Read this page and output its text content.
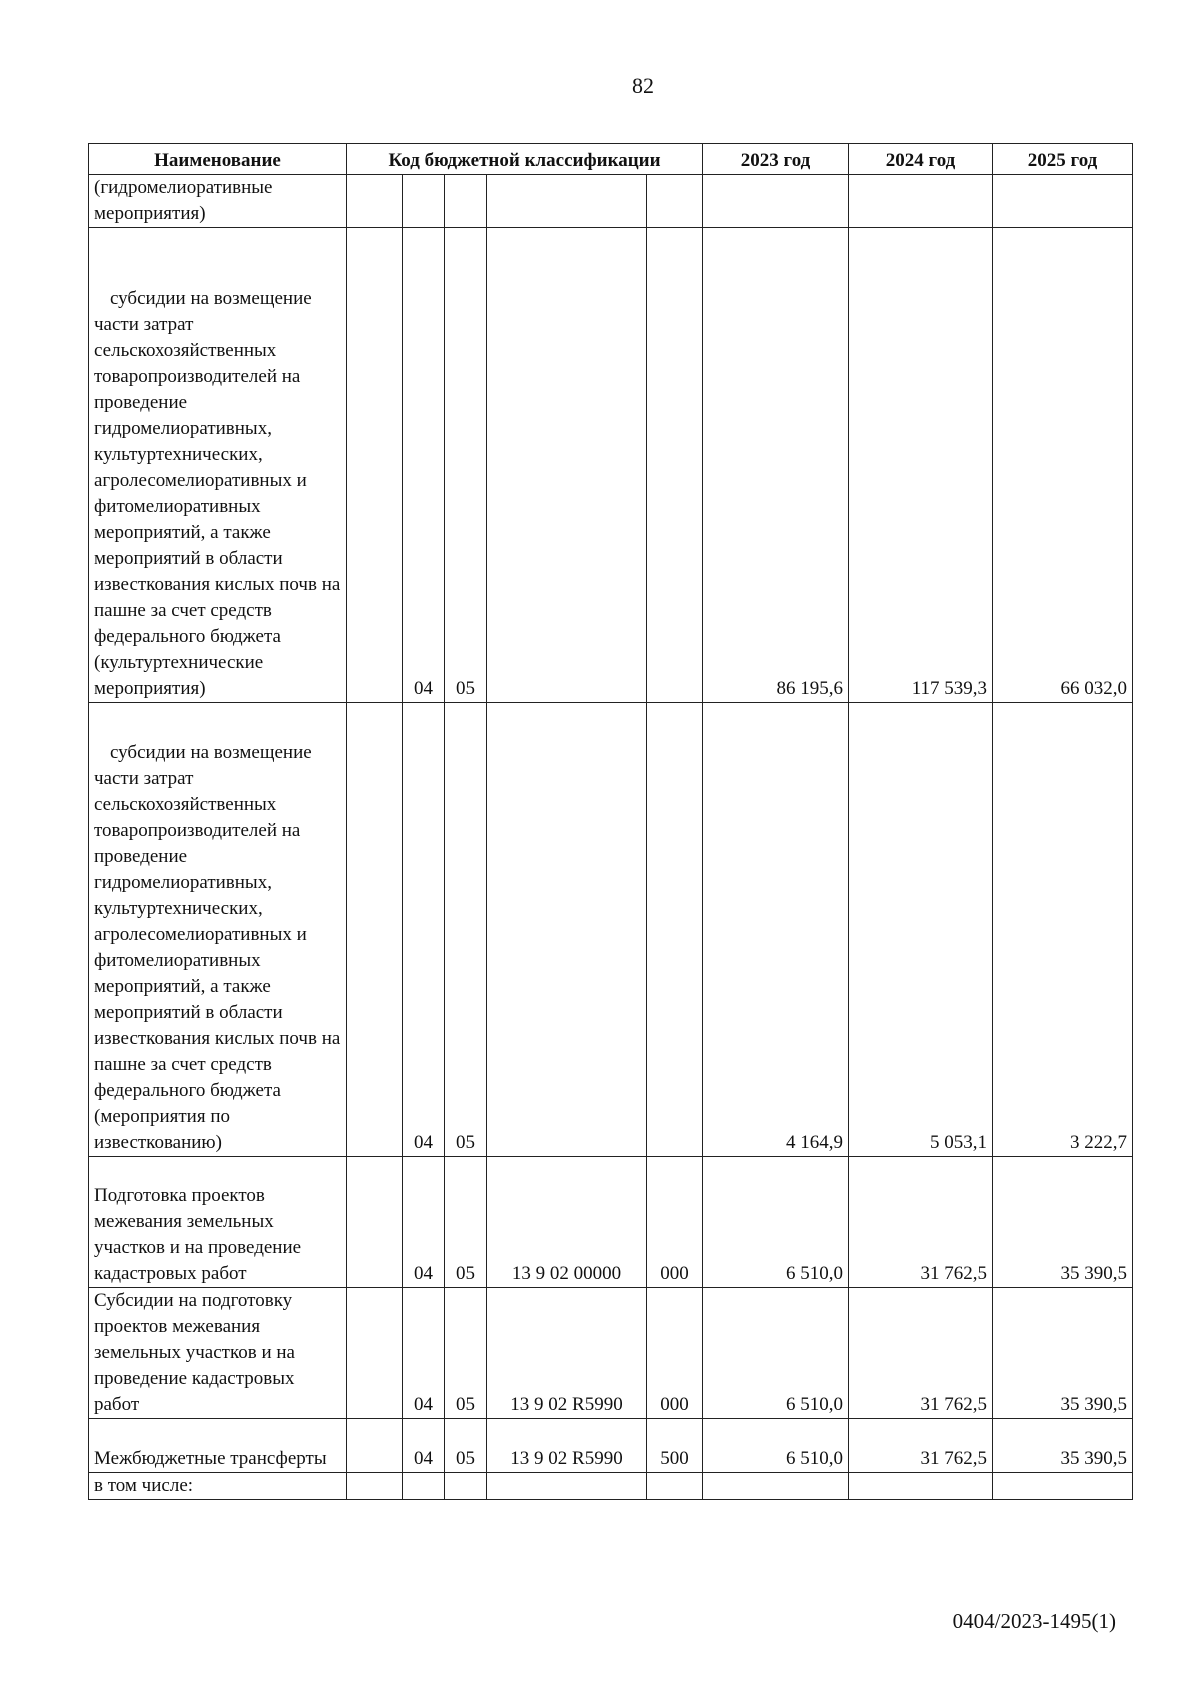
82
Наименование	Код бюджетной классификации					2023 год	2024 год	2025 год
(гидромелиоративные мероприятия)								
субсидии на возмещение части затрат сельскохозяйственных товаропроизводителей на проведение гидромелиоративных, культуртехнических, агролесомелиоративных и фитомелиоративных мероприятий, а также мероприятий в области известкования кислых почв на пашне за счет средств федерального бюджета (культуртехнические мероприятия)		04	05			86 195,6	117 539,3	66 032,0
субсидии на возмещение части затрат сельскохозяйственных товаропроизводителей на проведение гидромелиоративных, культуртехнических, агролесомелиоративных и фитомелиоративных мероприятий, а также мероприятий в области известкования кислых почв на пашне за счет средств федерального бюджета (мероприятия по известкованию)		04	05			4 164,9	5 053,1	3 222,7
Подготовка проектов межевания земельных участков и на проведение кадастровых работ		04	05	13 9 02 00000	000	6 510,0	31 762,5	35 390,5
Субсидии на подготовку проектов межевания земельных участков и на проведение кадастровых работ		04	05	13 9 02 R5990	000	6 510,0	31 762,5	35 390,5
Межбюджетные трансферты		04	05	13 9 02 R5990	500	6 510,0	31 762,5	35 390,5
в том числе:								
0404/2023-1495(1)
